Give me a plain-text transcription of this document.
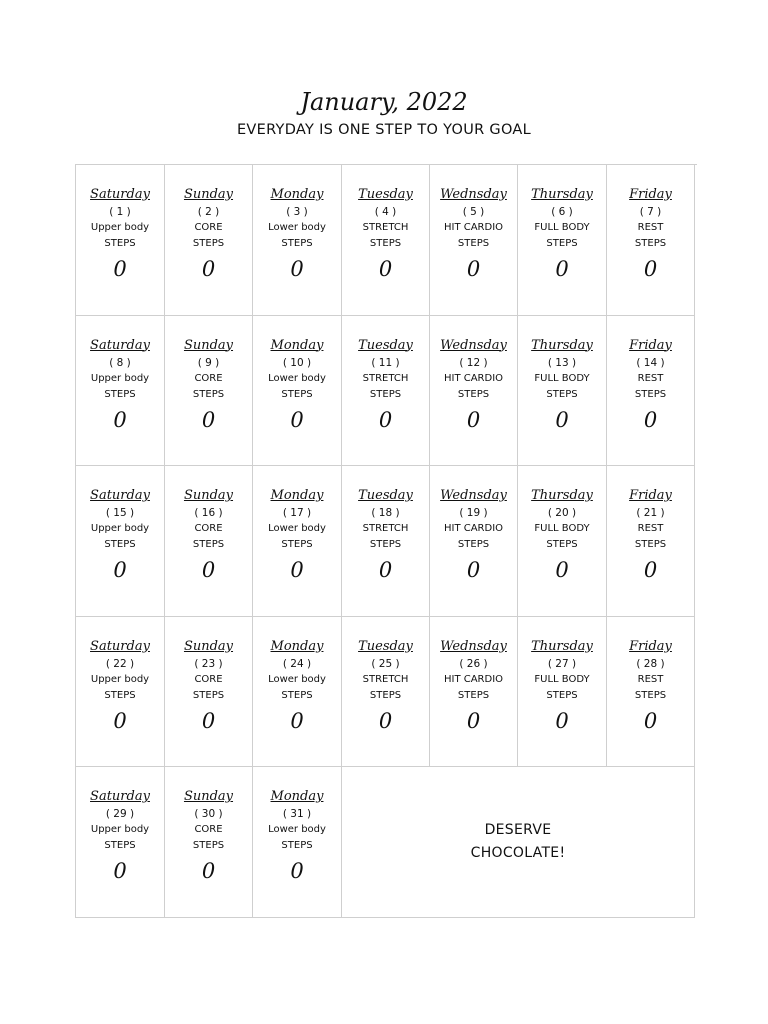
January, 2022
EVERYDAY IS ONE STEP TO YOUR GOAL
Saturday
( 1 )
Upper body
STEPS
0
Sunday
( 2 )
CORE
STEPS
0
Monday
( 3 )
Lower body
STEPS
0
Tuesday
( 4 )
STRETCH
STEPS
0
Wednsday
( 5 )
HIT CARDIO
STEPS
0
Thursday
( 6 )
FULL BODY
STEPS
0
Friday
( 7 )
REST
STEPS
0
Saturday
( 8 )
Upper body
STEPS
0
Sunday
( 9 )
CORE
STEPS
0
Monday
( 10 )
Lower body
STEPS
0
Tuesday
( 11 )
STRETCH
STEPS
0
Wednsday
( 12 )
HIT CARDIO
STEPS
0
Thursday
( 13 )
FULL BODY
STEPS
0
Friday
( 14 )
REST
STEPS
0
Saturday
( 15 )
Upper body
STEPS
0
Sunday
( 16 )
CORE
STEPS
0
Monday
( 17 )
Lower body
STEPS
0
Tuesday
( 18 )
STRETCH
STEPS
0
Wednsday
( 19 )
HIT CARDIO
STEPS
0
Thursday
( 20 )
FULL BODY
STEPS
0
Friday
( 21 )
REST
STEPS
0
Saturday
( 22 )
Upper body
STEPS
0
Sunday
( 23 )
CORE
STEPS
0
Monday
( 24 )
Lower body
STEPS
0
Tuesday
( 25 )
STRETCH
STEPS
0
Wednsday
( 26 )
HIT CARDIO
STEPS
0
Thursday
( 27 )
FULL BODY
STEPS
0
Friday
( 28 )
REST
STEPS
0
Saturday
( 29 )
Upper body
STEPS
0
Sunday
( 30 )
CORE
STEPS
0
Monday
( 31 )
Lower body
STEPS
0
DESERVE
CHOCOLATE!
